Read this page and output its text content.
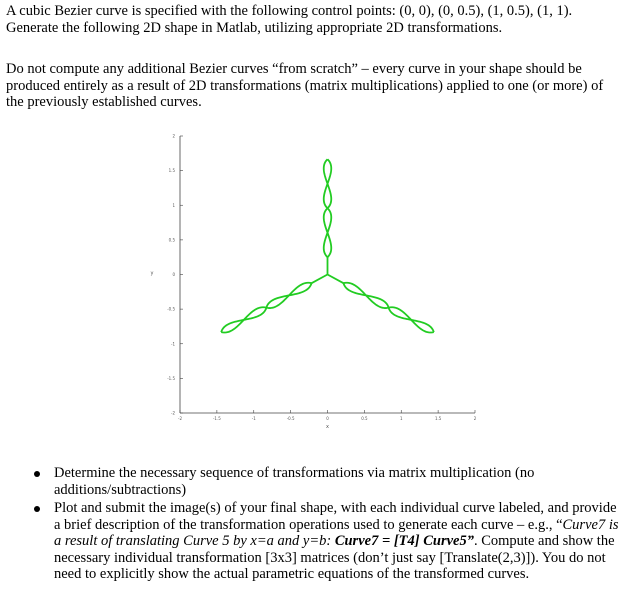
A cubic Bezier curve is specified with the following control points: (0, 0), (0, 0.5), (1, 0.5), (1, 1). Generate the following 2D shape in Matlab, utilizing appropriate 2D transformations.

Do not compute any additional Bezier curves “from scratch” – every curve in your shape should be produced entirely as a result of 2D transformations (matrix multiplications) applied to one (or more) of the previously established curves.

-2	-1.5	-1	-0.5	0	0.5	1	1.5	2
2
1.5
1
0.5
0
-0.5
-1
-1.5
-2
x
y
Determine the necessary sequence of transformations via matrix multiplication (no additions/subtractions)
Plot and submit the image(s) of your final shape, with each individual curve labeled, and provide a brief description of the transformation operations used to generate each curve – e.g., “Curve7 is a result of translating Curve 5 by x=a and y=b: Curve7 = [T4] Curve5”. Compute and show the necessary individual transformation [3x3] matrices (don’t just say [Translate(2,3)]). You do not need to explicitly show the actual parametric equations of the transformed curves.
